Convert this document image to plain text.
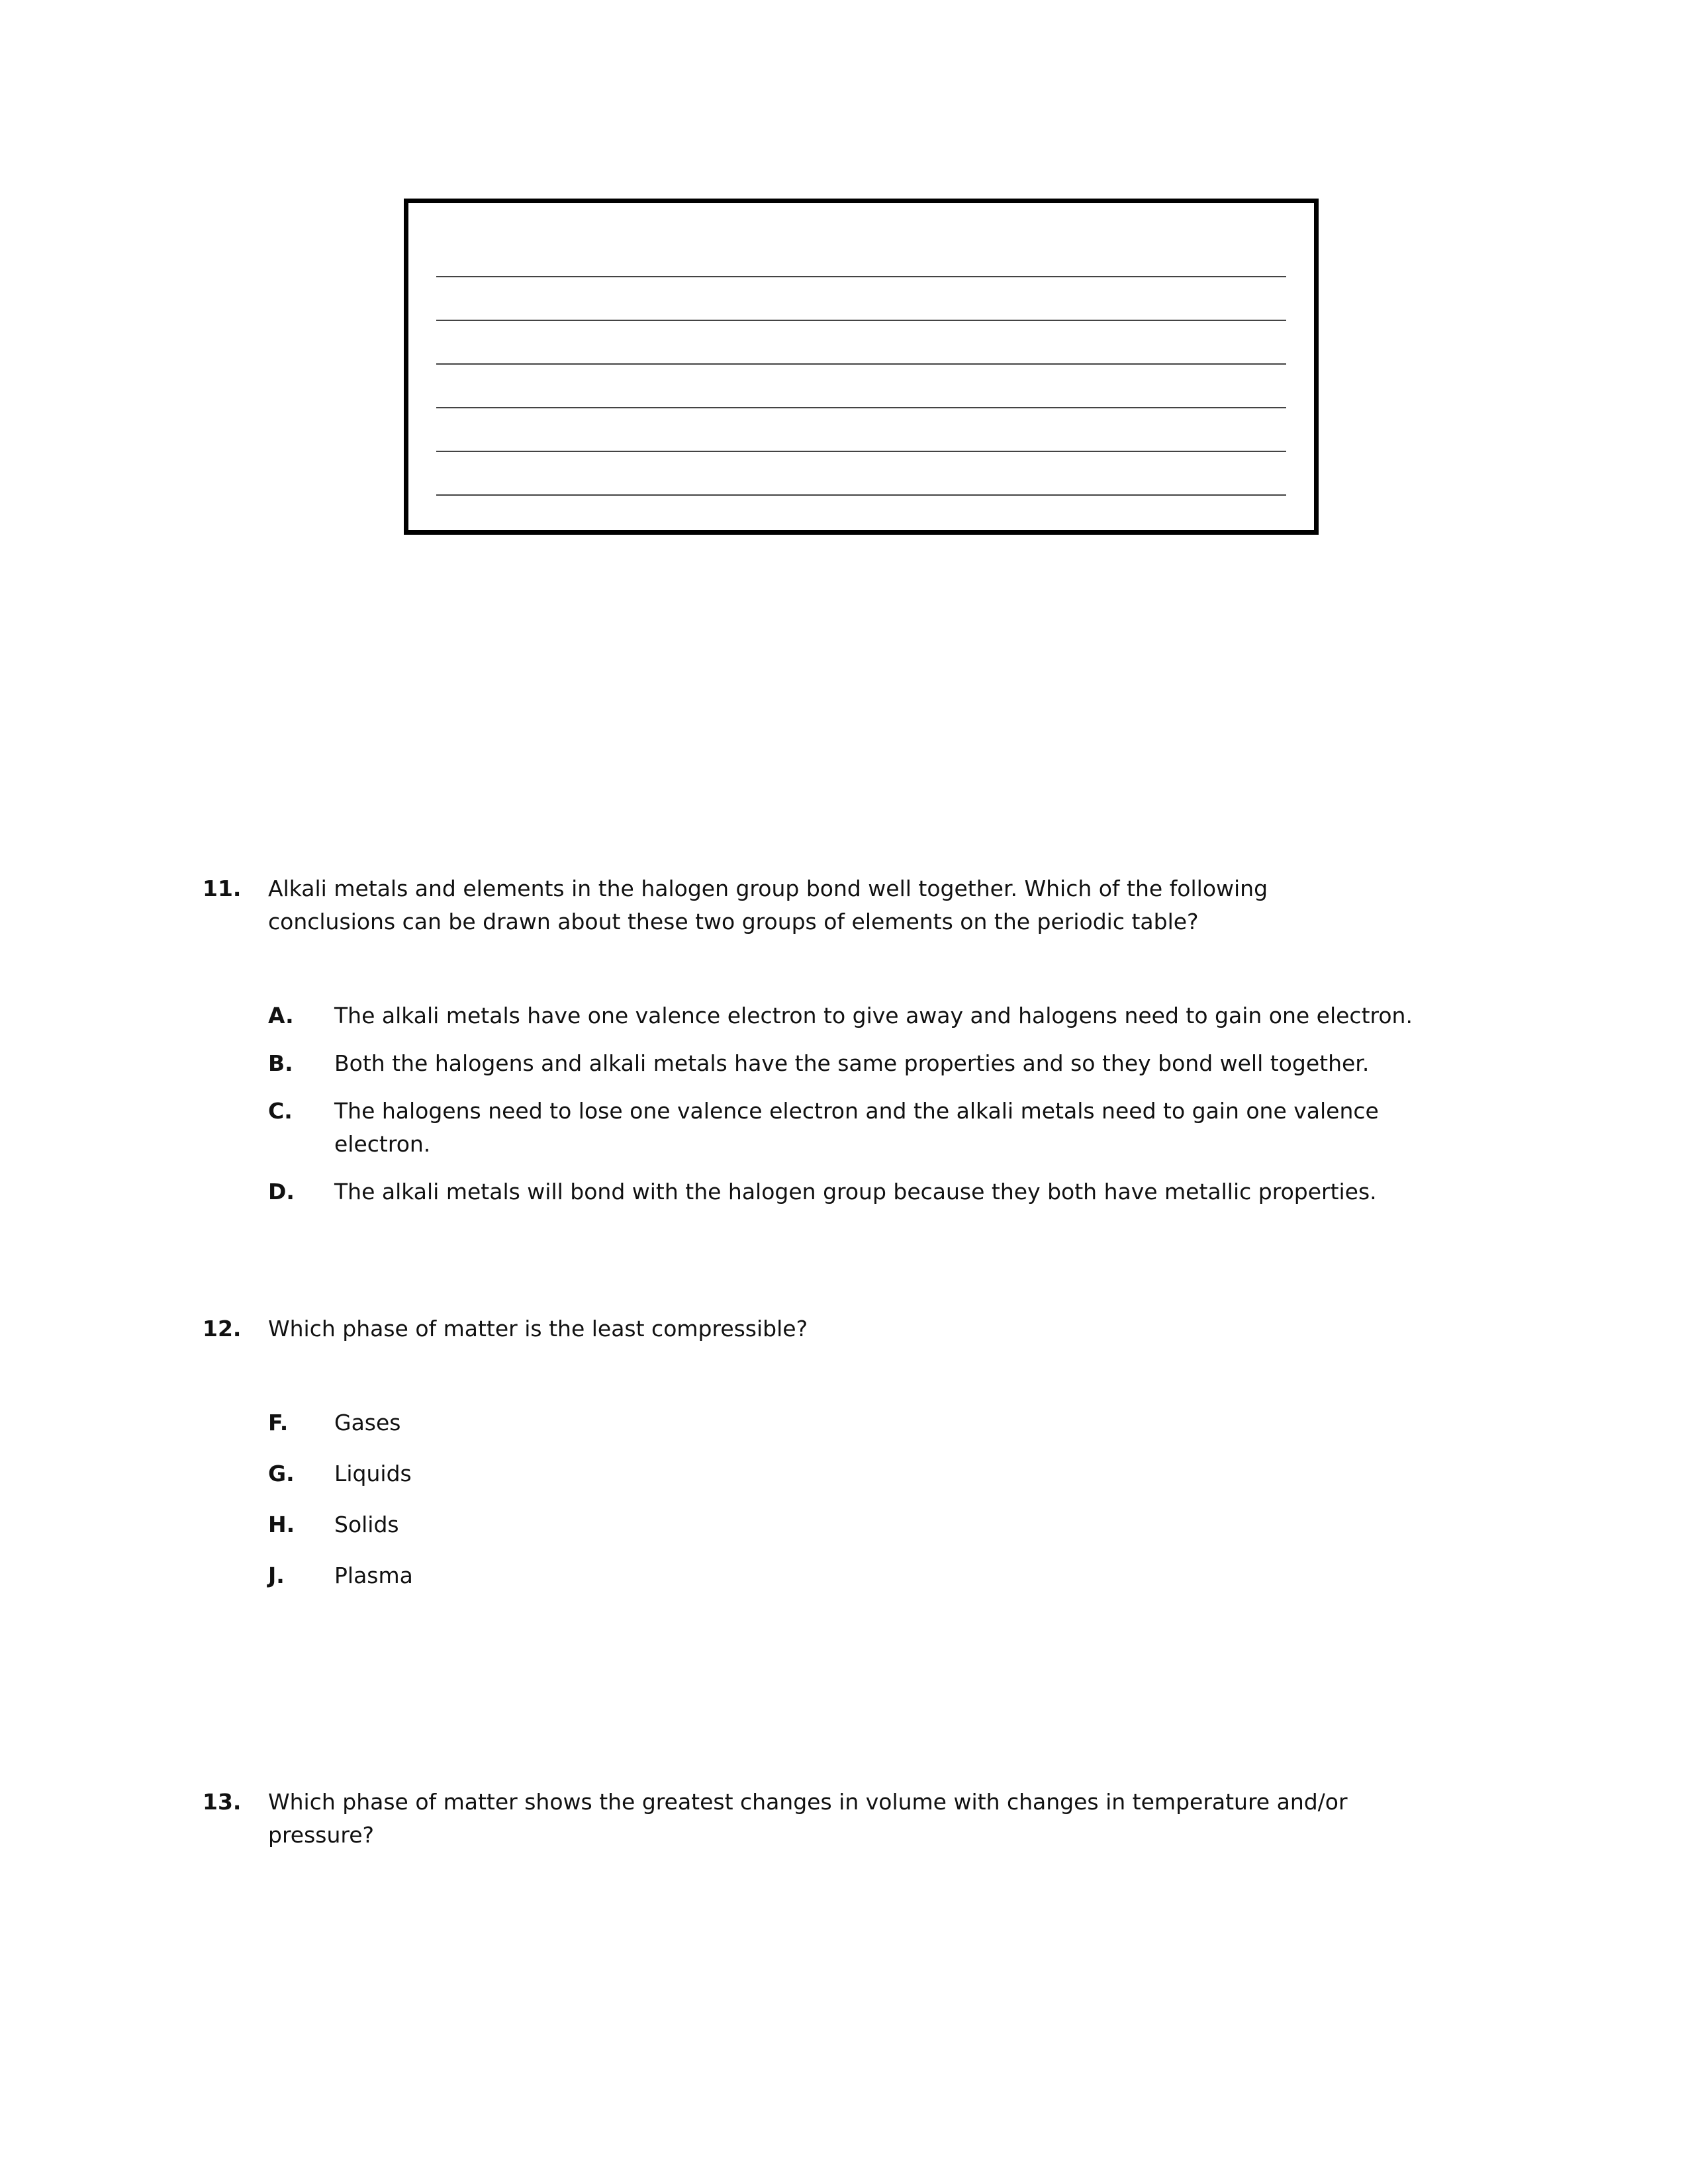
11.	Alkali metals and elements in the halogen group bond well together. Which of the following conclusions can be drawn about these two groups of elements on the periodic table?
A.	The alkali metals have one valence electron to give away and halogens need to gain one electron.
B.	Both the halogens and alkali metals have the same properties and so they bond well together.
C.	The halogens need to lose one valence electron and the alkali metals need to gain one valence electron.
D.	The alkali metals will bond with the halogen group because they both have metallic properties.
12.	Which phase of matter is the least compressible?
F.	Gases
G.	Liquids
H.	Solids
J.	Plasma
13.	Which phase of matter shows the greatest changes in volume with changes in temperature and/or pressure?
